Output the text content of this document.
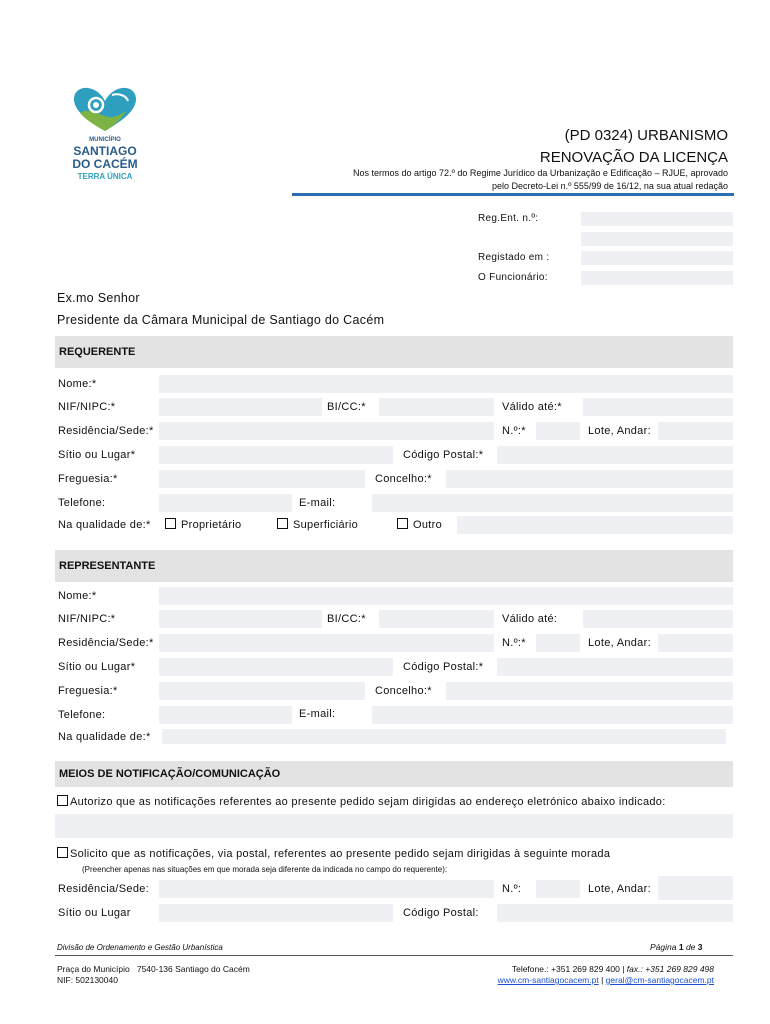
MUNICÍPIO
SANTIAGO
DO CACÉM
TERRA ÚNICA
(PD 0324) URBANISMO
RENOVAÇÃO DA LICENÇA
Nos termos do artigo 72.º do Regime Jurídico da Urbanização e Edificação – RJUE, aprovado
pelo Decreto-Lei n.º 555/99 de 16/12, na sua atual redação
Reg.Ent. n.º:
Registado em :
O Funcionário:
Ex.mo Senhor
Presidente da Câmara Municipal de Santiago do Cacém
REQUERENTE
Nome:*
NIF/NIPC:*	BI/CC:*	Válido até:*
Residência/Sede:*	N.º:*	Lote, Andar:
Sítio ou Lugar*	Código Postal:*
Freguesia:*	Concelho:*
Telefone:	E-mail:
Na qualidade de:*	Proprietário	Superficiário	Outro
REPRESENTANTE
Nome:*
NIF/NIPC:*	BI/CC:*	Válido até:
Residência/Sede:*	N.º:*	Lote, Andar:
Sítio ou Lugar*	Código Postal:*
Freguesia:*	Concelho:*
Telefone:	E-mail:
Na qualidade de:*
MEIOS DE NOTIFICAÇÃO/COMUNICAÇÃO
Autorizo que as notificações referentes ao presente pedido sejam dirigidas ao endereço eletrónico abaixo indicado:
Solicito que as notificações, via postal, referentes ao presente pedido sejam dirigidas à seguinte morada
(Preencher apenas nas situações em que morada seja diferente da indicada no campo do requerente):
Residência/Sede:	N.º:	Lote, Andar:
Sítio ou Lugar	Código Postal:
Divisão de Ordenamento e Gestão Urbanística	Página 1 de 3
Praça do Município   7540-136 Santiago do Cacém
NIF: 502130040
Telefone.: +351 269 829 400 | fax.: +351 269 829 498
www.cm-santiagocacem.pt | geral@cm-santiagocacem.pt
